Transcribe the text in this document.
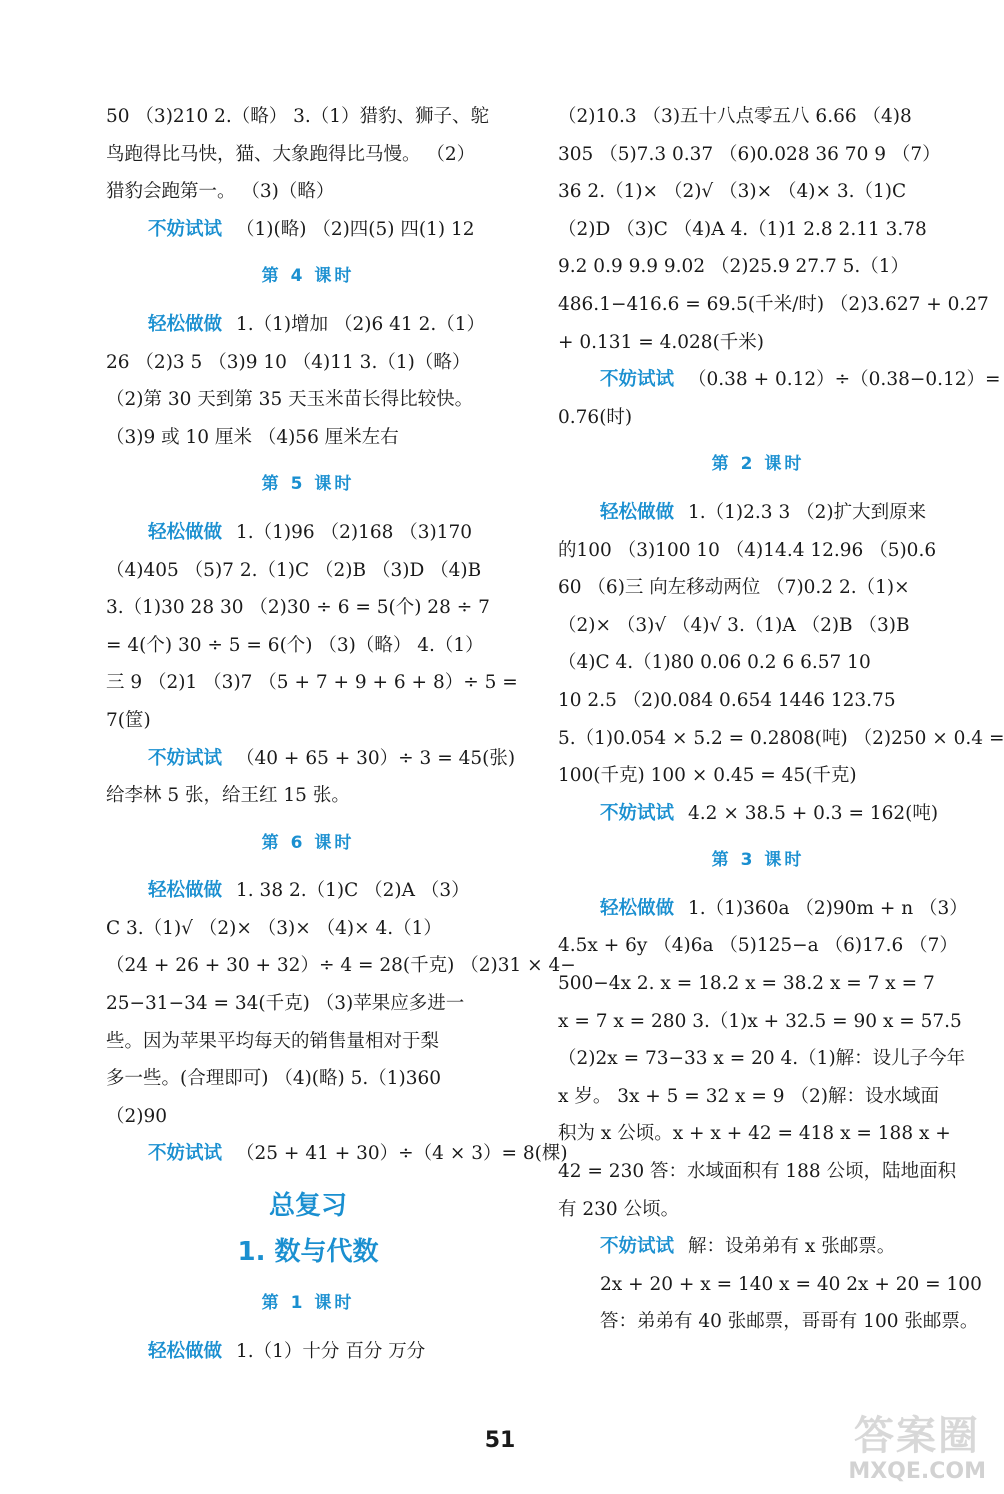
50 （3)210 2.（略） 3.（1）猎豹、狮子、鸵
鸟跑得比马快，猫、大象跑得比马慢。 （2）
猎豹会跑第一。 （3)（略）
不妨试试 （1)(略) （2)四(5) 四(1) 12
第 4 课时
轻松做做 1.（1)增加 （2)6 41 2.（1）
26 （2)3 5 （3)9 10 （4)11 3.（1)（略）
（2)第 30 天到第 35 天玉米苗长得比较快。
（3)9 或 10 厘米 （4)56 厘米左右
第 5 课时
轻松做做 1.（1)96 （2)168 （3)170
（4)405 （5)7 2.（1)C （2)B （3)D （4)B
3.（1)30 28 30 （2)30 ÷ 6 = 5(个) 28 ÷ 7
= 4(个) 30 ÷ 5 = 6(个) （3)（略） 4.（1）
三 9 （2)1 （3)7 （5 + 7 + 9 + 6 + 8）÷ 5 =
7(筐)
不妨试试 （40 + 65 + 30）÷ 3 = 45(张)
给李林 5 张，给王红 15 张。
第 6 课时
轻松做做 1. 38 2.（1)C （2)A （3）
C 3.（1)√ （2)× （3)× （4)× 4.（1）
（24 + 26 + 30 + 32）÷ 4 = 28(千克) （2)31 × 4−
25−31−34 = 34(千克) （3)苹果应多进一
些。因为苹果平均每天的销售量相对于梨
多一些。(合理即可) （4)(略) 5.（1)360
（2)90
不妨试试 （25 + 41 + 30）÷（4 × 3）= 8(棵)
总复习
1. 数与代数
第 1 课时
轻松做做 1.（1）十分 百分 万分
（2)10.3 （3)五十八点零五八 6.66 （4)8
305 （5)7.3 0.37 （6)0.028 36 70 9 （7）
36 2.（1)× （2)√ （3)× （4)× 3.（1)C
（2)D （3)C （4)A 4.（1)1 2.8 2.11 3.78
9.2 0.9 9.9 9.02 （2)25.9 27.7 5.（1）
486.1−416.6 = 69.5(千米/时) （2)3.627 + 0.27
+ 0.131 = 4.028(千米)
不妨试试 （0.38 + 0.12）÷（0.38−0.12）=
0.76(时)
第 2 课时
轻松做做 1.（1)2.3 3 （2)扩大到原来
的100 （3)100 10 （4)14.4 12.96 （5)0.6
60 （6)三 向左移动两位 （7)0.2 2.（1)×
（2)× （3)√ （4)√ 3.（1)A （2)B （3)B
（4)C 4.（1)80 0.06 0.2 6 6.57 10
10 2.5 （2)0.084 0.654 1446 123.75
5.（1)0.054 × 5.2 = 0.2808(吨) （2)250 × 0.4 =
100(千克) 100 × 0.45 = 45(千克)
不妨试试 4.2 × 38.5 + 0.3 = 162(吨)
第 3 课时
轻松做做 1.（1)360a （2)90m + n （3）
4.5x + 6y （4)6a （5)125−a （6)17.6 （7）
500−4x 2. x = 18.2 x = 38.2 x = 7 x = 7
x = 7 x = 280 3.（1)x + 32.5 = 90 x = 57.5
（2)2x = 73−33 x = 20 4.（1)解：设儿子今年
x 岁。 3x + 5 = 32 x = 9 （2)解：设水域面
积为 x 公顷。x + x + 42 = 418 x = 188 x +
42 = 230 答：水域面积有 188 公顷，陆地面积
有 230 公顷。
不妨试试 解：设弟弟有 x 张邮票。
2x + 20 + x = 140 x = 40 2x + 20 = 100
答：弟弟有 40 张邮票，哥哥有 100 张邮票。
51	答案圈
MXQE.COM
